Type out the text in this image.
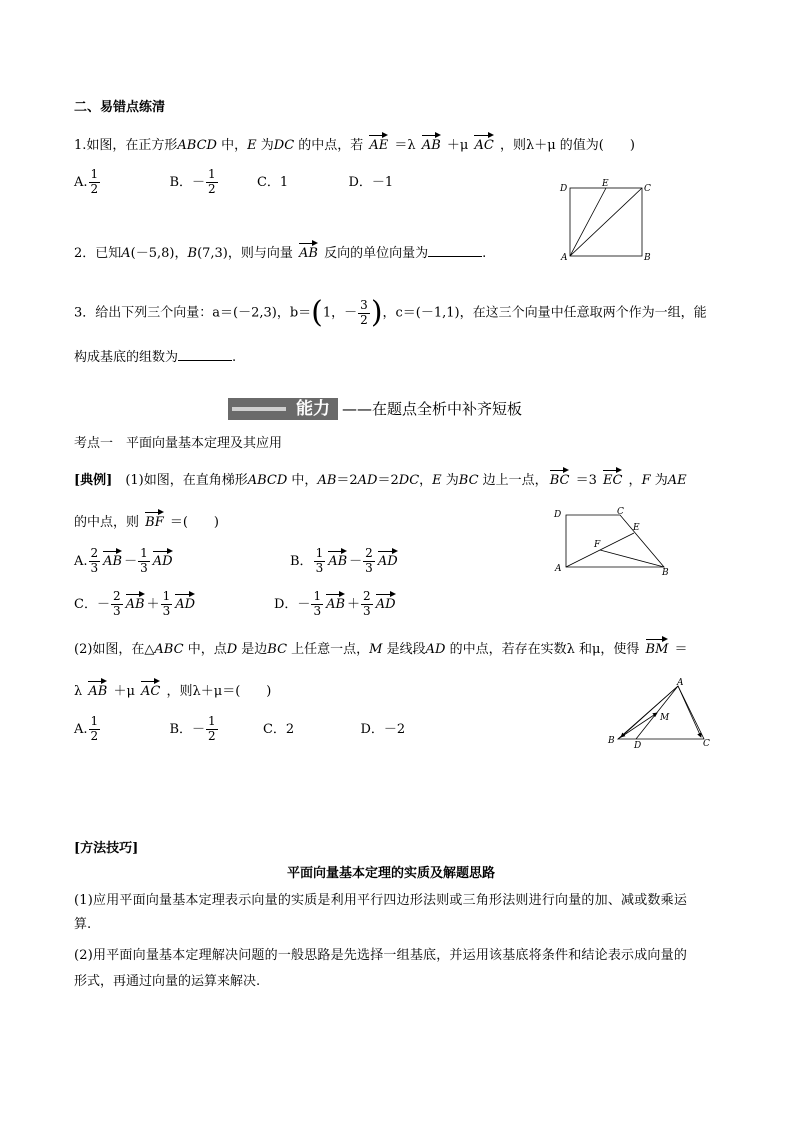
二、易错点练清
1.如图，在正方形ABCD 中，E 为DC 的中点，若 AE ＝λ AB ＋μ AC ，则λ＋μ 的值为(　　)
A. $\frac{1}{2}$	B．－ $\frac{1}{2}$	C．1	D．－1	D	E	C
A	B
2．已知A(－5,8)，B(7,3)，则与向量 AB 反向的单位向量为	.
3．给出下列三个向量：a＝(－2,3)，b＝(1，－ $\frac{3}{2}$ )，c＝(－1,1)，在这三个向量中任意取两个作为一组，能
构成基底的组数为	.
能力 ——在题点全析中补齐短板
考点一　平面向量基本定理及其应用
[典例]　(1)如图，在直角梯形ABCD 中，AB＝2AD＝2DC，E 为BC 边上一点， BC ＝3 EC ，F 为AE
的中点，则 BF ＝(　　)
A. $\frac{2}{3}$ AB － $\frac{1}{3}$ AD	B． $\frac{1}{3}$ AB － $\frac{2}{3}$ AD
C．－ $\frac{2}{3}$ AB ＋ $\frac{1}{3}$ AD	D．－ $\frac{1}{3}$ AB ＋ $\frac{2}{3}$ AD
D	C
E
F
A	B
(2)如图，在△ABC 中，点D 是边BC 上任意一点，M 是线段AD 的中点，若存在实数λ 和μ，使得 BM ＝
λ AB ＋μ AC ，则λ＋μ＝(　　)
A. $\frac{1}{2}$	B．－ $\frac{1}{2}$	C．2	D．－2
A
M
B D	C
[方法技巧]
平面向量基本定理的实质及解题思路
(1)应用平面向量基本定理表示向量的实质是利用平行四边形法则或三角形法则进行向量的加、减或数乘运
算.
(2)用平面向量基本定理解决问题的一般思路是先选择一组基底，并运用该基底将条件和结论表示成向量的
形式，再通过向量的运算来解决.
